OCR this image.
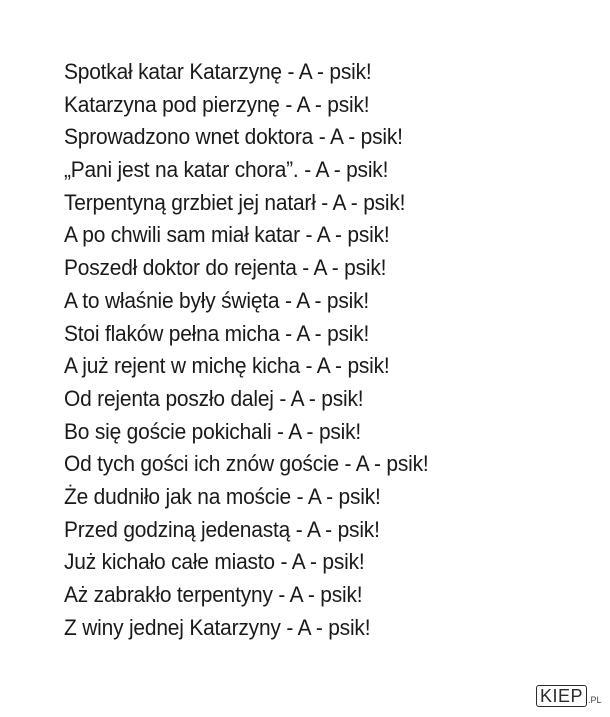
Spotkał katar Katarzynę - A - psik!
Katarzyna pod pierzynę - A - psik!
Sprowadzono wnet doktora - A - psik!
„Pani jest na katar chora”. - A - psik!
Terpentyną grzbiet jej natarł - A - psik!
A po chwili sam miał katar - A - psik!
Poszedł doktor do rejenta - A - psik!
A to właśnie były święta - A - psik!
Stoi flaków pełna micha - A - psik!
A już rejent w michę kicha - A - psik!
Od rejenta poszło dalej - A - psik!
Bo się goście pokichali - A - psik!
Od tych gości ich znów goście - A - psik!
Że dudniło jak na moście - A - psik!
Przed godziną jedenastą - A - psik!
Już kichało całe miasto - A - psik!
Aż zabrakło terpentyny - A - psik!
Z winy jednej Katarzyny - A - psik!
KIEP .PL
